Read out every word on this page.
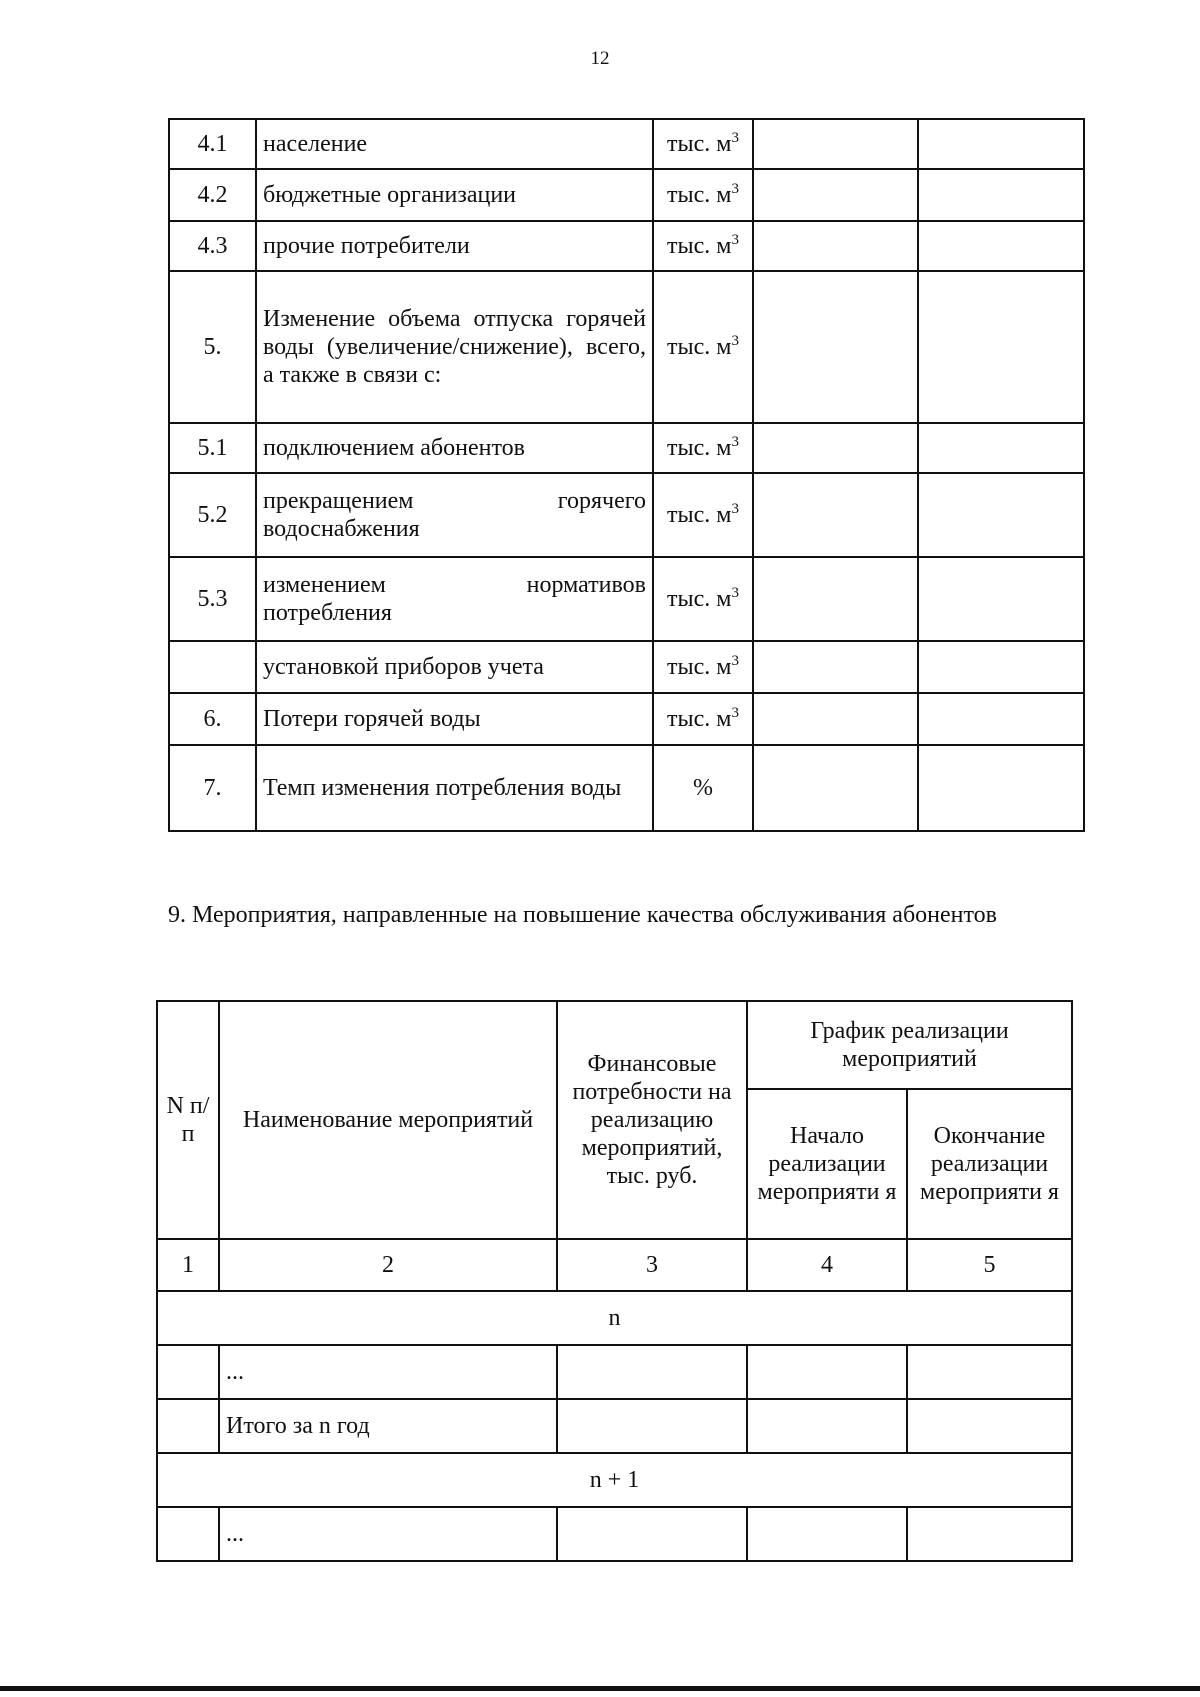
12
4.1	население	тыс. $м^3$		
4.2	бюджетные организации	тыс. $м^3$		
4.3	прочие потребители	тыс. $м^3$		
5.	Изменение объема отпуска горячей воды (увеличение/снижение), всего, а также в связи с:	тыс. $м^3$		
5.1	подключением абонентов	тыс. $м^3$		
5.2	прекращением горячего водоснабжения	тыс. $м^3$		
5.3	изменением нормативов потребления	тыс. $м^3$		
	установкой приборов учета	тыс. $м^3$		
6.	Потери горячей воды	тыс. $м^3$		
7.	Темп изменения потребления воды	%		
9. Мероприятия, направленные на повышение качества обслуживания абонентов
N п/п	Наименование мероприятий	Финансовые потребности на реализацию мероприятий, тыс. руб.	График реализации мероприятий	
			Начало реализации мероприяти я	Окончание реализации мероприяти я
1	2	3	4	5
n				
	...			
	Итого за n год			
n + 1				
	...			
